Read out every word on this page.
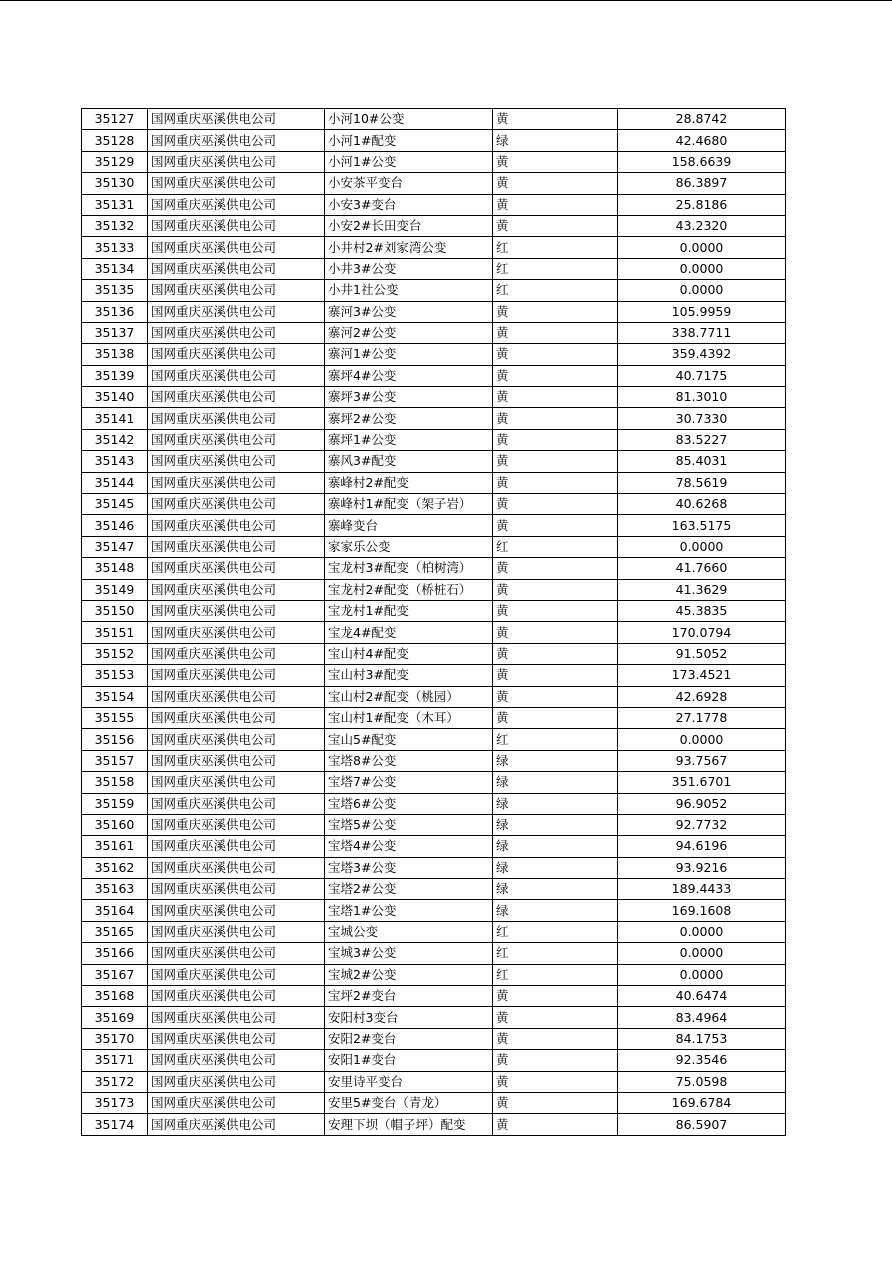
35127	国网重庆巫溪供电公司	小河10#公变	黄	28.8742
35128	国网重庆巫溪供电公司	小河1#配变	绿	42.4680
35129	国网重庆巫溪供电公司	小河1#公变	黄	158.6639
35130	国网重庆巫溪供电公司	小安茶平变台	黄	86.3897
35131	国网重庆巫溪供电公司	小安3#变台	黄	25.8186
35132	国网重庆巫溪供电公司	小安2#长田变台	黄	43.2320
35133	国网重庆巫溪供电公司	小井村2#刘家湾公变	红	0.0000
35134	国网重庆巫溪供电公司	小井3#公变	红	0.0000
35135	国网重庆巫溪供电公司	小井1社公变	红	0.0000
35136	国网重庆巫溪供电公司	寨河3#公变	黄	105.9959
35137	国网重庆巫溪供电公司	寨河2#公变	黄	338.7711
35138	国网重庆巫溪供电公司	寨河1#公变	黄	359.4392
35139	国网重庆巫溪供电公司	寨坪4#公变	黄	40.7175
35140	国网重庆巫溪供电公司	寨坪3#公变	黄	81.3010
35141	国网重庆巫溪供电公司	寨坪2#公变	黄	30.7330
35142	国网重庆巫溪供电公司	寨坪1#公变	黄	83.5227
35143	国网重庆巫溪供电公司	寨风3#配变	黄	85.4031
35144	国网重庆巫溪供电公司	寨峰村2#配变	黄	78.5619
35145	国网重庆巫溪供电公司	寨峰村1#配变（架子岩）	黄	40.6268
35146	国网重庆巫溪供电公司	寨峰变台	黄	163.5175
35147	国网重庆巫溪供电公司	家家乐公变	红	0.0000
35148	国网重庆巫溪供电公司	宝龙村3#配变（柏树湾）	黄	41.7660
35149	国网重庆巫溪供电公司	宝龙村2#配变（桥桩石）	黄	41.3629
35150	国网重庆巫溪供电公司	宝龙村1#配变	黄	45.3835
35151	国网重庆巫溪供电公司	宝龙4#配变	黄	170.0794
35152	国网重庆巫溪供电公司	宝山村4#配变	黄	91.5052
35153	国网重庆巫溪供电公司	宝山村3#配变	黄	173.4521
35154	国网重庆巫溪供电公司	宝山村2#配变（桃园）	黄	42.6928
35155	国网重庆巫溪供电公司	宝山村1#配变（木耳）	黄	27.1778
35156	国网重庆巫溪供电公司	宝山5#配变	红	0.0000
35157	国网重庆巫溪供电公司	宝塔8#公变	绿	93.7567
35158	国网重庆巫溪供电公司	宝塔7#公变	绿	351.6701
35159	国网重庆巫溪供电公司	宝塔6#公变	绿	96.9052
35160	国网重庆巫溪供电公司	宝塔5#公变	绿	92.7732
35161	国网重庆巫溪供电公司	宝塔4#公变	绿	94.6196
35162	国网重庆巫溪供电公司	宝塔3#公变	绿	93.9216
35163	国网重庆巫溪供电公司	宝塔2#公变	绿	189.4433
35164	国网重庆巫溪供电公司	宝塔1#公变	绿	169.1608
35165	国网重庆巫溪供电公司	宝城公变	红	0.0000
35166	国网重庆巫溪供电公司	宝城3#公变	红	0.0000
35167	国网重庆巫溪供电公司	宝城2#公变	红	0.0000
35168	国网重庆巫溪供电公司	宝坪2#变台	黄	40.6474
35169	国网重庆巫溪供电公司	安阳村3变台	黄	83.4964
35170	国网重庆巫溪供电公司	安阳2#变台	黄	84.1753
35171	国网重庆巫溪供电公司	安阳1#变台	黄	92.3546
35172	国网重庆巫溪供电公司	安里诗平变台	黄	75.0598
35173	国网重庆巫溪供电公司	安里5#变台（青龙）	黄	169.6784
35174	国网重庆巫溪供电公司	安理下坝（帽子坪）配变	黄	86.5907
